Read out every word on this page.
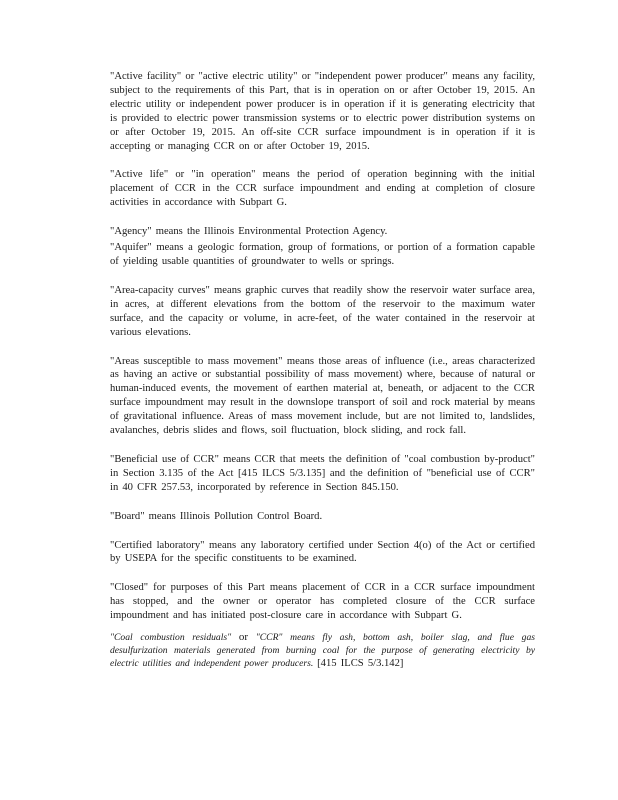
"Active facility" or "active electric utility" or "independent power producer" means any facility, subject to the requirements of this Part, that is in operation on or after October 19, 2015. An electric utility or independent power producer is in operation if it is generating electricity that is provided to electric power transmission systems or to electric power distribution systems on or after October 19, 2015. An off-site CCR surface impoundment is in operation if it is accepting or managing CCR on or after October 19, 2015.

"Active life" or "in operation" means the period of operation beginning with the initial placement of CCR in the CCR surface impoundment and ending at completion of closure activities in accordance with Subpart G.

"Agency" means the Illinois Environmental Protection Agency.

"Aquifer" means a geologic formation, group of formations, or portion of a formation capable of yielding usable quantities of groundwater to wells or springs.

"Area-capacity curves" means graphic curves that readily show the reservoir water surface area, in acres, at different elevations from the bottom of the reservoir to the maximum water surface, and the capacity or volume, in acre-feet, of the water contained in the reservoir at various elevations.

"Areas susceptible to mass movement" means those areas of influence (i.e., areas characterized as having an active or substantial possibility of mass movement) where, because of natural or human-induced events, the movement of earthen material at, beneath, or adjacent to the CCR surface impoundment may result in the downslope transport of soil and rock material by means of gravitational influence. Areas of mass movement include, but are not limited to, landslides, avalanches, debris slides and flows, soil fluctuation, block sliding, and rock fall.

"Beneficial use of CCR" means CCR that meets the definition of "coal combustion by-product" in Section 3.135 of the Act [415 ILCS 5/3.135] and the definition of "beneficial use of CCR" in 40 CFR 257.53, incorporated by reference in Section 845.150.

"Board" means Illinois Pollution Control Board.

"Certified laboratory" means any laboratory certified under Section 4(o) of the Act or certified by USEPA for the specific constituents to be examined.

"Closed" for purposes of this Part means placement of CCR in a CCR surface impoundment has stopped, and the owner or operator has completed closure of the CCR surface impoundment and has initiated post-closure care in accordance with Subpart G.

"Coal combustion residuals" or "CCR" means fly ash, bottom ash, boiler slag, and flue gas desulfurization materials generated from burning coal for the purpose of generating electricity by electric utilities and independent power producers. [415 ILCS 5/3.142]
